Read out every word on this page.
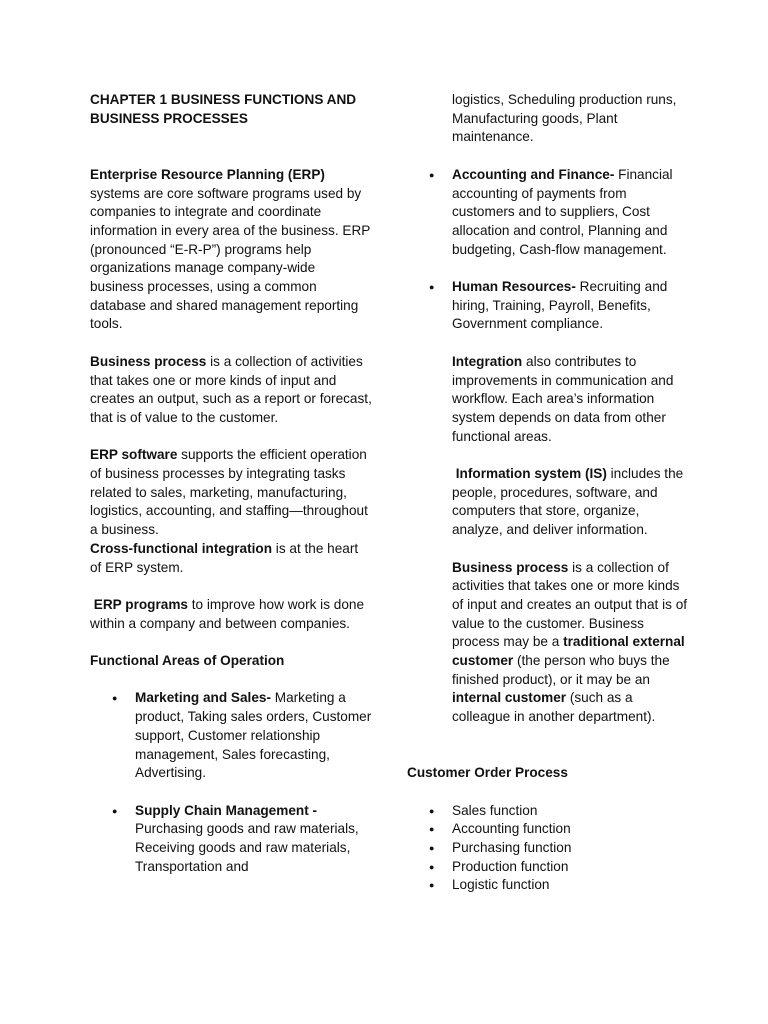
CHAPTER 1 BUSINESS FUNCTIONS AND BUSINESS PROCESSES

Enterprise Resource Planning (ERP) systems are core software programs used by companies to integrate and coordinate information in every area of the business. ERP (pronounced “E-R-P”) programs help organizations manage company-wide business processes, using a common database and shared management reporting tools.

Business process is a collection of activities that takes one or more kinds of input and creates an output, such as a report or forecast, that is of value to the customer.

ERP software supports the efficient operation of business processes by integrating tasks related to sales, marketing, manufacturing, logistics, accounting, and staffing—throughout a business.

Cross-functional integration is at the heart of ERP system.

ERP programs to improve how work is done within a company and between companies.

Functional Areas of Operation

● Marketing and Sales- Marketing a product, Taking sales orders, Customer support, Customer relationship management, Sales forecasting, Advertising.
● Supply Chain Management - Purchasing goods and raw materials, Receiving goods and raw materials, Transportation and

logistics, Scheduling production runs, Manufacturing goods, Plant maintenance.

● Accounting and Finance- Financial accounting of payments from customers and to suppliers, Cost allocation and control, Planning and budgeting, Cash-flow management.
● Human Resources- Recruiting and hiring, Training, Payroll, Benefits, Government compliance.

Integration also contributes to improvements in communication and workflow. Each area’s information system depends on data from other functional areas.

Information system (IS) includes the people, procedures, software, and computers that store, organize, analyze, and deliver information.

Business process is a collection of activities that takes one or more kinds of input and creates an output that is of value to the customer. Business process may be a traditional external customer (the person who buys the finished product), or it may be an internal customer (such as a colleague in another department).

Customer Order Process

● Sales function
● Accounting function
● Purchasing function
● Production function
● Logistic function
